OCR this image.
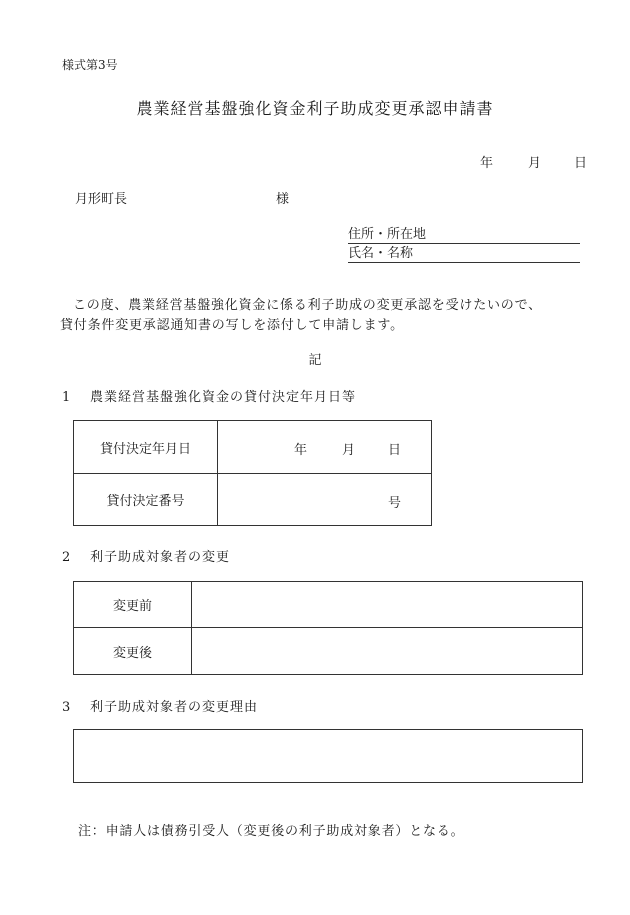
様式第3号
農業経営基盤強化資金利子助成変更承認申請書
年	月	日
月形町長	様
住所・所在地
氏名・名称
この度、農業経営基盤強化資金に係る利子助成の変更承認を受けたいので、
貸付条件変更承認通知書の写しを添付して申請します。
記
1 農業経営基盤強化資金の貸付決定年月日等
貸付決定年月日	年 月 日

貸付決定番号	号
2 利子助成対象者の変更
変更前	
変更後	
3 利子助成対象者の変更理由
注：申請人は債務引受人（変更後の利子助成対象者）となる。
